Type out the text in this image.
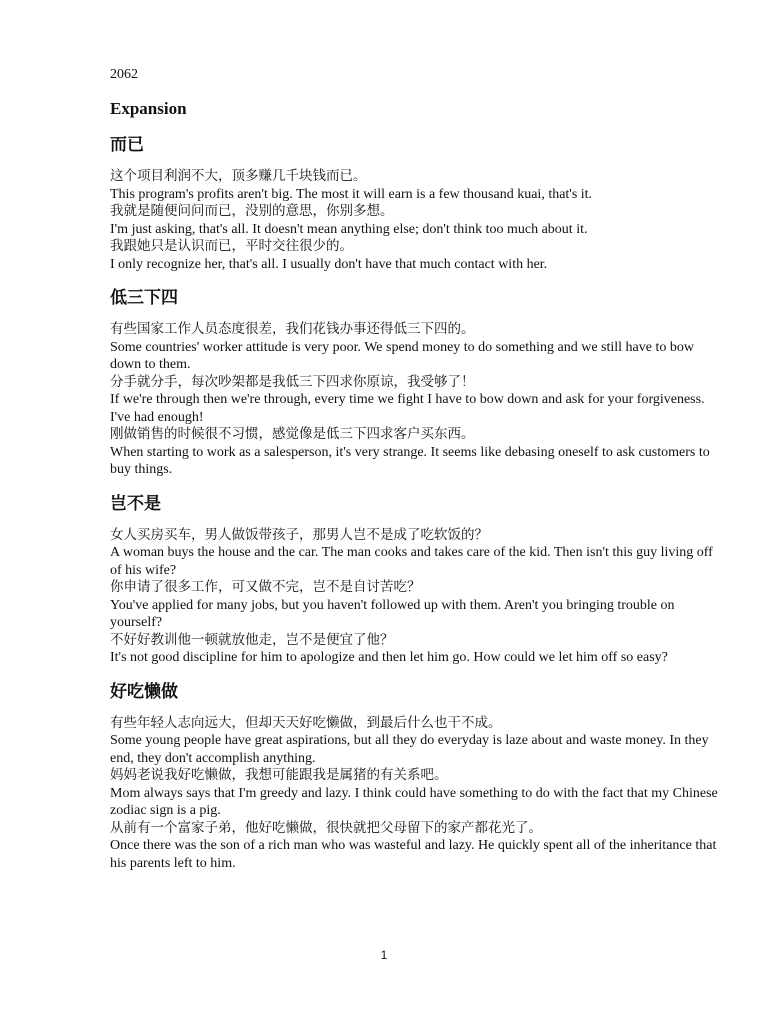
2062

Expansion

而已

这个项目利润不大，顶多赚几千块钱而已。

This program's profits aren't big. The most it will earn is a few thousand kuai, that's it.

我就是随便问问而已，没别的意思，你别多想。

I'm just asking, that's all. It doesn't mean anything else; don't think too much about it.

我跟她只是认识而已，平时交往很少的。

I only recognize her, that's all. I usually don't have that much contact with her.

低三下四

有些国家工作人员态度很差，我们花钱办事还得低三下四的。

Some countries' worker attitude is very poor. We spend money to do something and we still have to bow down to them.

分手就分手，每次吵架都是我低三下四求你原谅，我受够了！

If we're through then we're through, every time we fight I have to bow down and ask for your forgiveness. I've had enough!

刚做销售的时候很不习惯，感觉像是低三下四求客户买东西。

When starting to work as a salesperson, it's very strange. It seems like debasing oneself to ask customers to buy things.

岂不是

女人买房买车，男人做饭带孩子，那男人岂不是成了吃软饭的？

A woman buys the house and the car. The man cooks and takes care of the kid. Then isn't this guy living off of his wife?

你申请了很多工作，可又做不完，岂不是自讨苦吃？

You've applied for many jobs, but you haven't followed up with them. Aren't you bringing trouble on yourself?

不好好教训他一顿就放他走，岂不是便宜了他？

It's not good discipline for him to apologize and then let him go. How could we let him off so easy?

好吃懒做

有些年轻人志向远大，但却天天好吃懒做，到最后什么也干不成。

Some young people have great aspirations, but all they do everyday is laze about and waste money. In they end, they don't accomplish anything.

妈妈老说我好吃懒做，我想可能跟我是属猪的有关系吧。

Mom always says that I'm greedy and lazy. I think could have something to do with the fact that my Chinese zodiac sign is a pig.

从前有一个富家子弟，他好吃懒做，很快就把父母留下的家产都花光了。

Once there was the son of a rich man who was wasteful and lazy. He quickly spent all of the inheritance that his parents left to him.

1
